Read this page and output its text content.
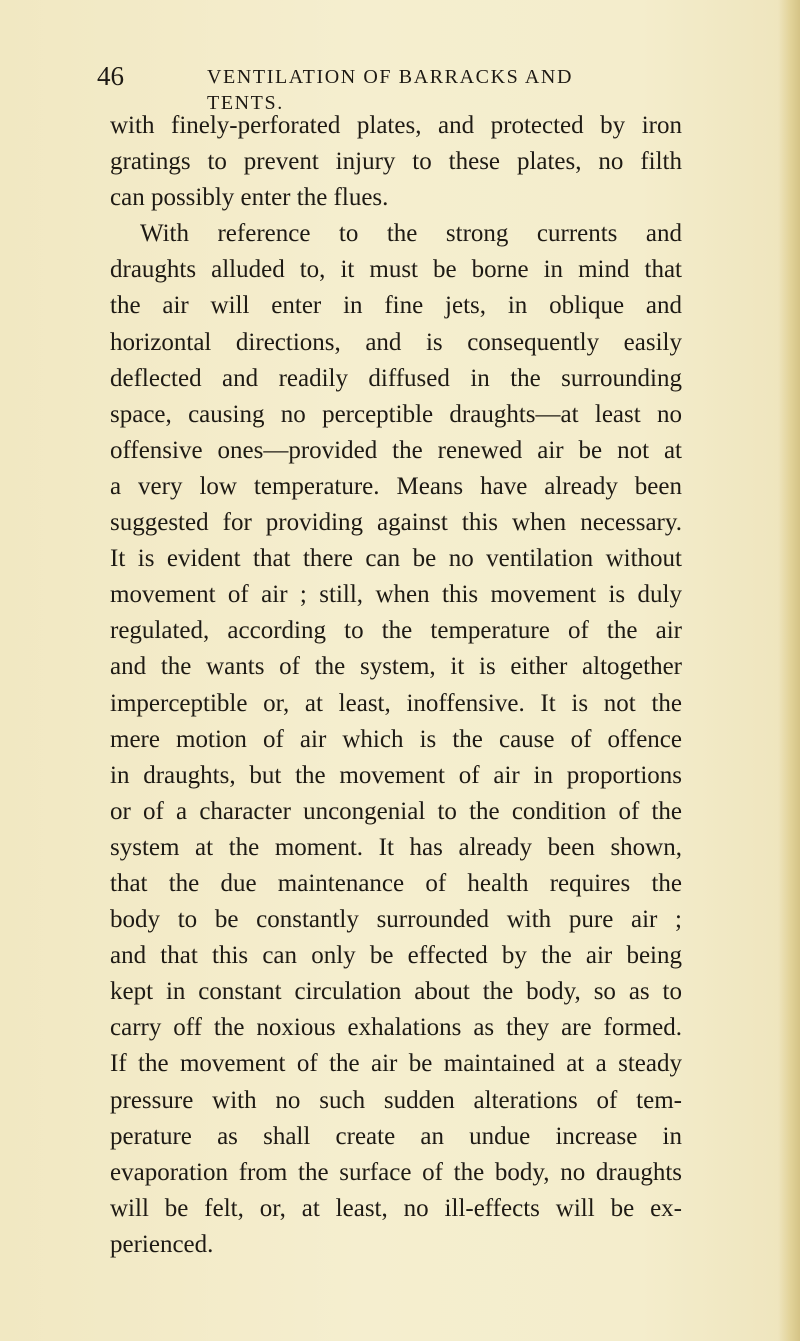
46	VENTILATION OF BARRACKS AND TENTS.
with finely-perforated plates, and protected by iron
gratings to prevent injury to these plates, no filth
can possibly enter the flues.
With reference to the strong currents and
draughts alluded to, it must be borne in mind that
the air will enter in fine jets, in oblique and
horizontal directions, and is consequently easily
deflected and readily diffused in the surrounding
space, causing no perceptible draughts—at least no
offensive ones—provided the renewed air be not at
a very low temperature. Means have already been
suggested for providing against this when necessary.
It is evident that there can be no ventilation without
movement of air ; still, when this movement is duly
regulated, according to the temperature of the air
and the wants of the system, it is either altogether
imperceptible or, at least, inoffensive. It is not the
mere motion of air which is the cause of offence
in draughts, but the movement of air in proportions
or of a character uncongenial to the condition of the
system at the moment. It has already been shown,
that the due maintenance of health requires the
body to be constantly surrounded with pure air ;
and that this can only be effected by the air being
kept in constant circulation about the body, so as to
carry off the noxious exhalations as they are formed.
If the movement of the air be maintained at a steady
pressure with no such sudden alterations of tem-
perature as shall create an undue increase in
evaporation from the surface of the body, no draughts
will be felt, or, at least, no ill-effects will be ex-
perienced.
